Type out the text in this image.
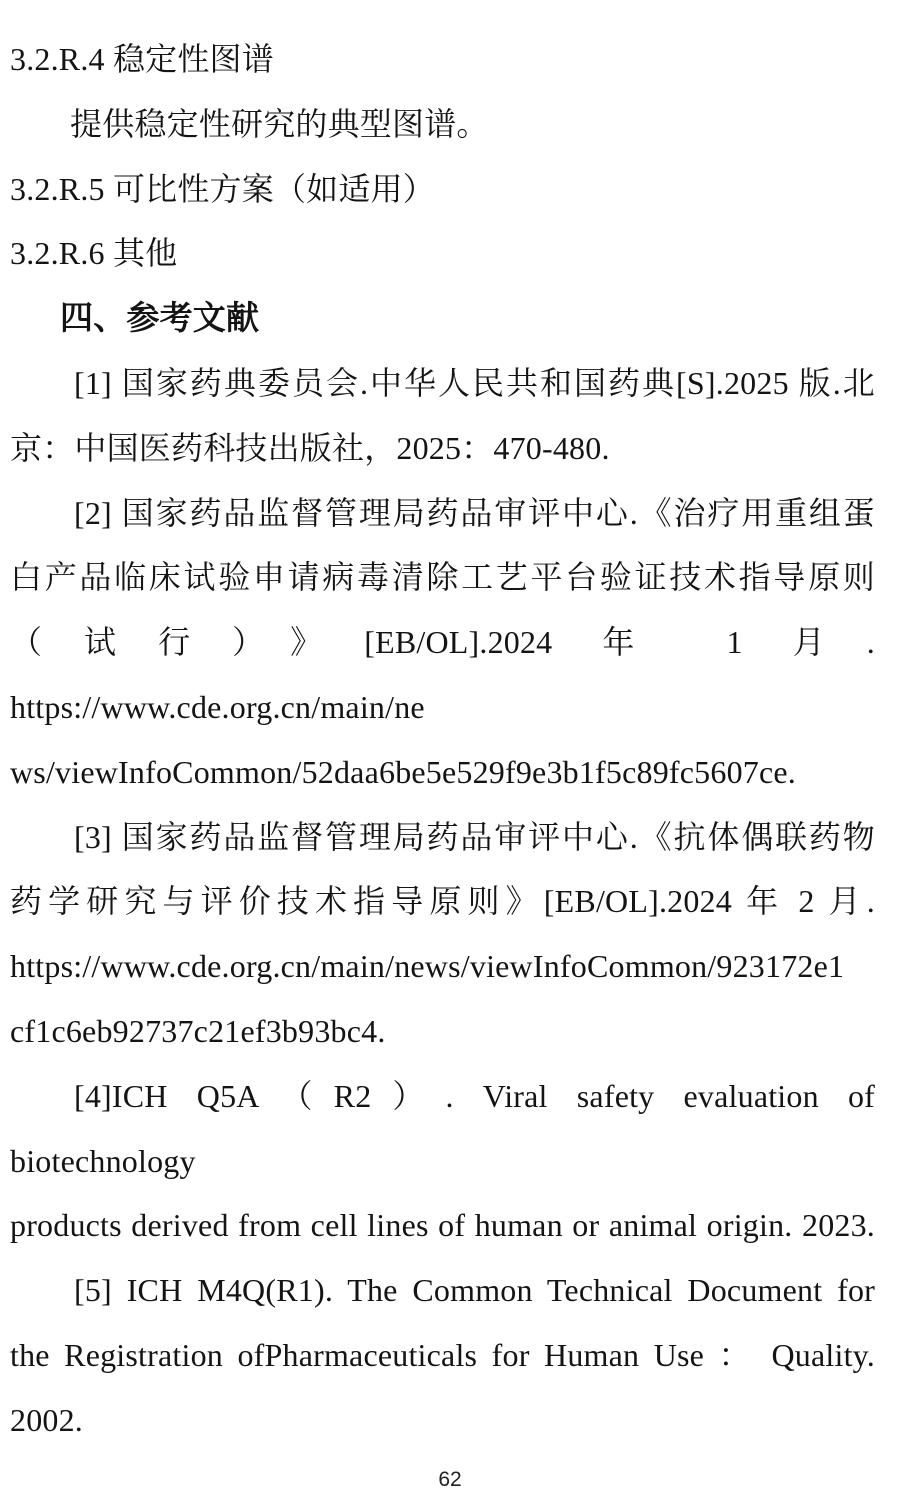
3.2.R.4 稳定性图谱
提供稳定性研究的典型图谱。
3.2.R.5 可比性方案（如适用）
3.2.R.6 其他
四、参考文献
[1] 国家药典委员会.中华人民共和国药典[S].2025 版.北
京：中国医药科技出版社，2025：470-480.
[2] 国家药品监督管理局药品审评中心.《治疗用重组蛋
白产品临床试验申请病毒清除工艺平台验证技术指导原则
（试行）》[EB/OL].2024 年 1 月. https://www.cde.org.cn/main/ne
ws/viewInfoCommon/52daa6be5e529f9e3b1f5c89fc5607ce.
[3] 国家药品监督管理局药品审评中心.《抗体偶联药物
药学研究与评价技术指导原则》[EB/OL].2024 年 2 月.
https://www.cde.org.cn/main/news/viewInfoCommon/923172e1
cf1c6eb92737c21ef3b93bc4.
[4]ICH Q5A（R2）. Viral safety evaluation of biotechnology
products derived from cell lines of human or animal origin. 2023.
[5] ICH M4Q(R1). The Common Technical Document for
the Registration ofPharmaceuticals for Human Use ： Quality.
2002.
62
